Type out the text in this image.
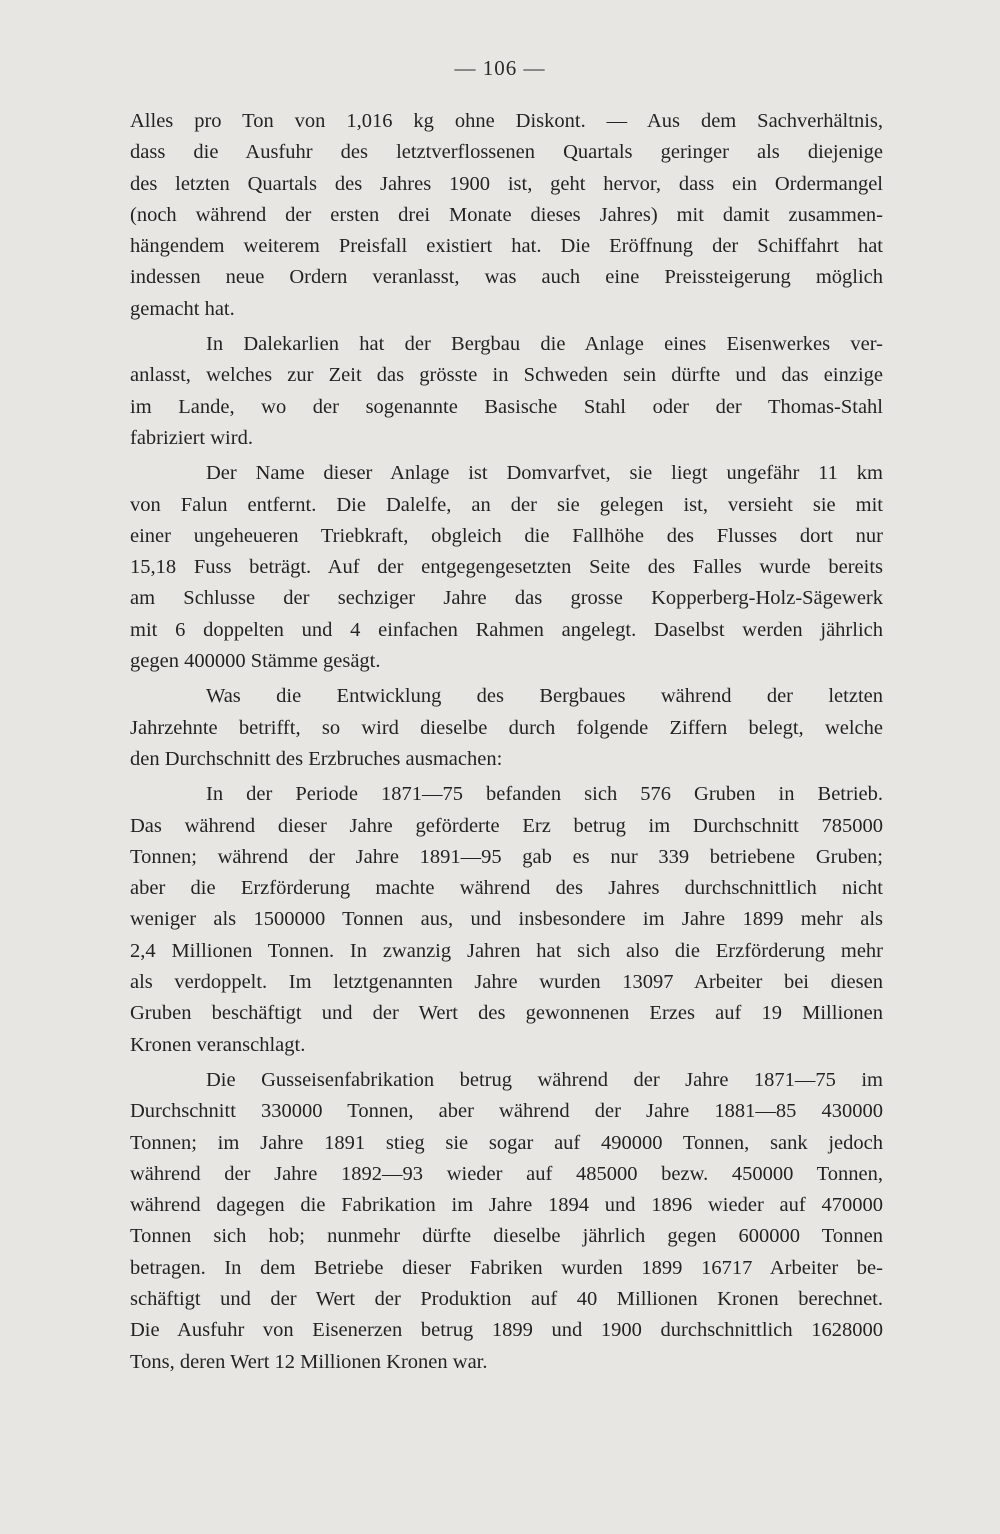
— 106 —

Alles pro Ton von 1,016 kg ohne Diskont. — Aus dem Sachverhältnis,
dass die Ausfuhr des letztverflossenen Quartals geringer als diejenige
des letzten Quartals des Jahres 1900 ist, geht hervor, dass ein Ordermangel
(noch während der ersten drei Monate dieses Jahres) mit damit zusammen-
hängendem weiterem Preisfall existiert hat. Die Eröffnung der Schiffahrt hat
indessen neue Ordern veranlasst, was auch eine Preissteigerung möglich
gemacht hat.

In Dalekarlien hat der Bergbau die Anlage eines Eisenwerkes ver-
anlasst, welches zur Zeit das grösste in Schweden sein dürfte und das einzige
im Lande, wo der sogenannte Basische Stahl oder der Thomas-Stahl
fabriziert wird.

Der Name dieser Anlage ist Domvarfvet, sie liegt ungefähr 11 km
von Falun entfernt. Die Dalelfe, an der sie gelegen ist, versieht sie mit
einer ungeheueren Triebkraft, obgleich die Fallhöhe des Flusses dort nur
15,18 Fuss beträgt. Auf der entgegengesetzten Seite des Falles wurde bereits
am Schlusse der sechziger Jahre das grosse Kopperberg-Holz-Sägewerk
mit 6 doppelten und 4 einfachen Rahmen angelegt. Daselbst werden jährlich
gegen 400000 Stämme gesägt.

Was die Entwicklung des Bergbaues während der letzten
Jahrzehnte betrifft, so wird dieselbe durch folgende Ziffern belegt, welche
den Durchschnitt des Erzbruches ausmachen:

In der Periode 1871—75 befanden sich 576 Gruben in Betrieb.
Das während dieser Jahre geförderte Erz betrug im Durchschnitt 785000
Tonnen; während der Jahre 1891—95 gab es nur 339 betriebene Gruben;
aber die Erzförderung machte während des Jahres durchschnittlich nicht
weniger als 1500000 Tonnen aus, und insbesondere im Jahre 1899 mehr als
2,4 Millionen Tonnen. In zwanzig Jahren hat sich also die Erzförderung mehr
als verdoppelt. Im letztgenannten Jahre wurden 13097 Arbeiter bei diesen
Gruben beschäftigt und der Wert des gewonnenen Erzes auf 19 Millionen
Kronen veranschlagt.

Die Gusseisenfabrikation betrug während der Jahre 1871—75 im
Durchschnitt 330000 Tonnen, aber während der Jahre 1881—85 430000
Tonnen; im Jahre 1891 stieg sie sogar auf 490000 Tonnen, sank jedoch
während der Jahre 1892—93 wieder auf 485000 bezw. 450000 Tonnen,
während dagegen die Fabrikation im Jahre 1894 und 1896 wieder auf 470000
Tonnen sich hob; nunmehr dürfte dieselbe jährlich gegen 600000 Tonnen
betragen. In dem Betriebe dieser Fabriken wurden 1899 16717 Arbeiter be-
schäftigt und der Wert der Produktion auf 40 Millionen Kronen berechnet.
Die Ausfuhr von Eisenerzen betrug 1899 und 1900 durchschnittlich 1628000
Tons, deren Wert 12 Millionen Kronen war.
